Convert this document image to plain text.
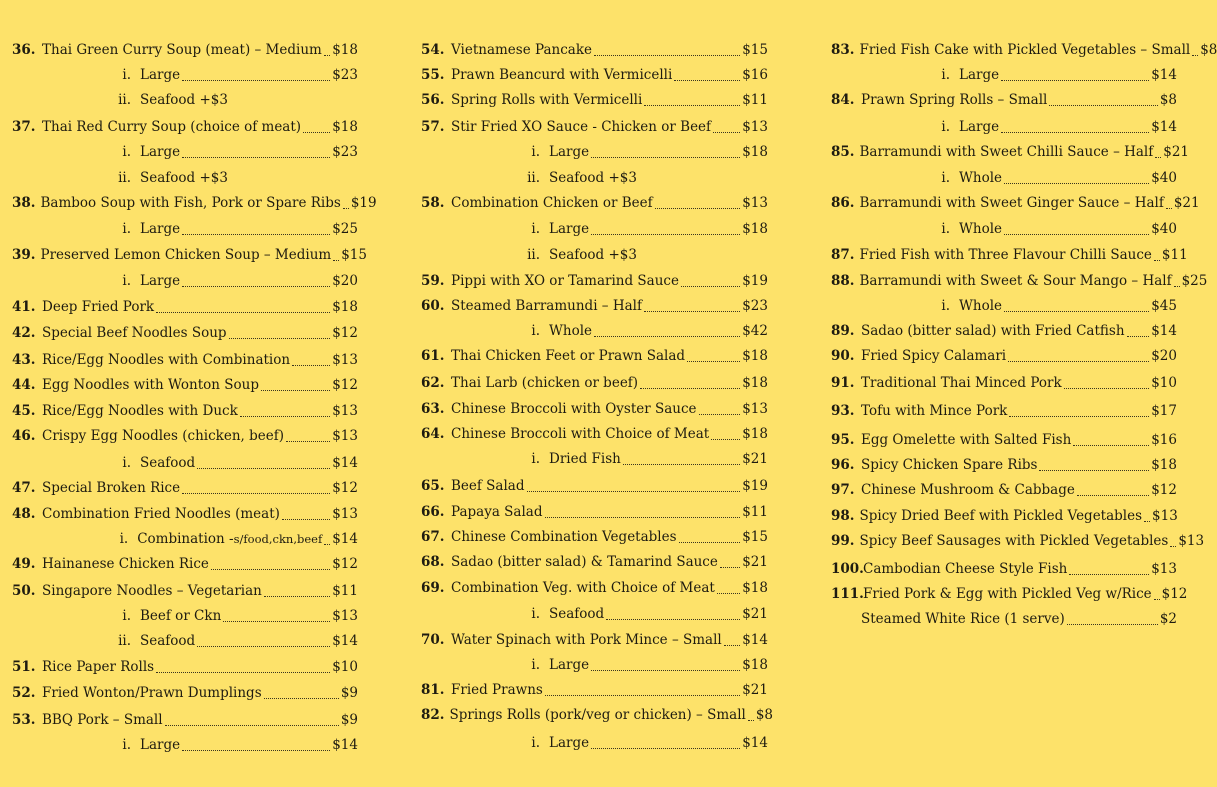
36. Thai Green Curry Soup (meat) – Medium $18
i. Large	$23
ii. Seafood +$3
37. Thai Red Curry Soup (choice of meat) $18
i. Large	$23
ii. Seafood +$3
38. Bamboo Soup with Fish, Pork or Spare Ribs $19
i. Large	$25
39. Preserved Lemon Chicken Soup – Medium $15
i. Large	$20
41. Deep Fried Pork	$18
42. Special Beef Noodles Soup	$12
43. Rice/Egg Noodles with Combination	$13
44. Egg Noodles with Wonton Soup	$12
45. Rice/Egg Noodles with Duck	$13
46. Crispy Egg Noodles (chicken, beef)	$13
i. Seafood	$14
47. Special Broken Rice	$12
48. Combination Fried Noodles (meat)	$13
i. Combination - s/food,ckn,beef $14
49. Hainanese Chicken Rice	$12
50. Singapore Noodles – Vegetarian	$11
i. Beef or Ckn	$13
ii. Seafood	$14
51. Rice Paper Rolls	$10
52. Fried Wonton/Prawn Dumplings	$9
53. BBQ Pork – Small	$9
i. Large	$14
54. Vietnamese Pancake	$15
55. Prawn Beancurd with Vermicelli	$16
56. Spring Rolls with Vermicelli	$11
57. Stir Fried XO Sauce - Chicken or Beef $13
i. Large	$18
ii. Seafood +$3
58. Combination Chicken or Beef	$13
i. Large	$18
ii. Seafood +$3
59. Pippi with XO or Tamarind Sauce	$19
60. Steamed Barramundi – Half	$23
i. Whole	$42
61. Thai Chicken Feet or Prawn Salad	$18
62. Thai Larb (chicken or beef)	$18
63. Chinese Broccoli with Oyster Sauce	$13
64. Chinese Broccoli with Choice of Meat $18
i. Dried Fish	$21
65. Beef Salad	$19
66. Papaya Salad	$11
67. Chinese Combination Vegetables	$15
68. Sadao (bitter salad) & Tamarind Sauce $21
69. Combination Veg. with Choice of Meat $18
i. Seafood	$21
70. Water Spinach with Pork Mince – Small $14
i. Large	$18
81. Fried Prawns	$21
82. Springs Rolls (pork/veg or chicken) – Small $8
i. Large	$14
83. Fried Fish Cake with Pickled Vegetables – Small $8
i. Large	$14
84. Prawn Spring Rolls – Small	$8
i. Large	$14
85. Barramundi with Sweet Chilli Sauce – Half $21
i. Whole	$40
86. Barramundi with Sweet Ginger Sauce – Half $21
i. Whole	$40
87. Fried Fish with Three Flavour Chilli Sauce $11
88. Barramundi with Sweet & Sour Mango – Half $25
i. Whole	$45
89. Sadao (bitter salad) with Fried Catfish $14
90. Fried Spicy Calamari	$20
91. Traditional Thai Minced Pork	$10
93. Tofu with Mince Pork	$17
95. Egg Omelette with Salted Fish	$16
96. Spicy Chicken Spare Ribs	$18
97. Chinese Mushroom & Cabbage	$12
98. Spicy Dried Beef with Pickled Vegetables $13
99. Spicy Beef Sausages with Pickled Vegetables $13
100. Cambodian Cheese Style Fish	$13
111. Fried Pork & Egg with Pickled Veg w/Rice $12
Steamed White Rice (1 serve)	$2
